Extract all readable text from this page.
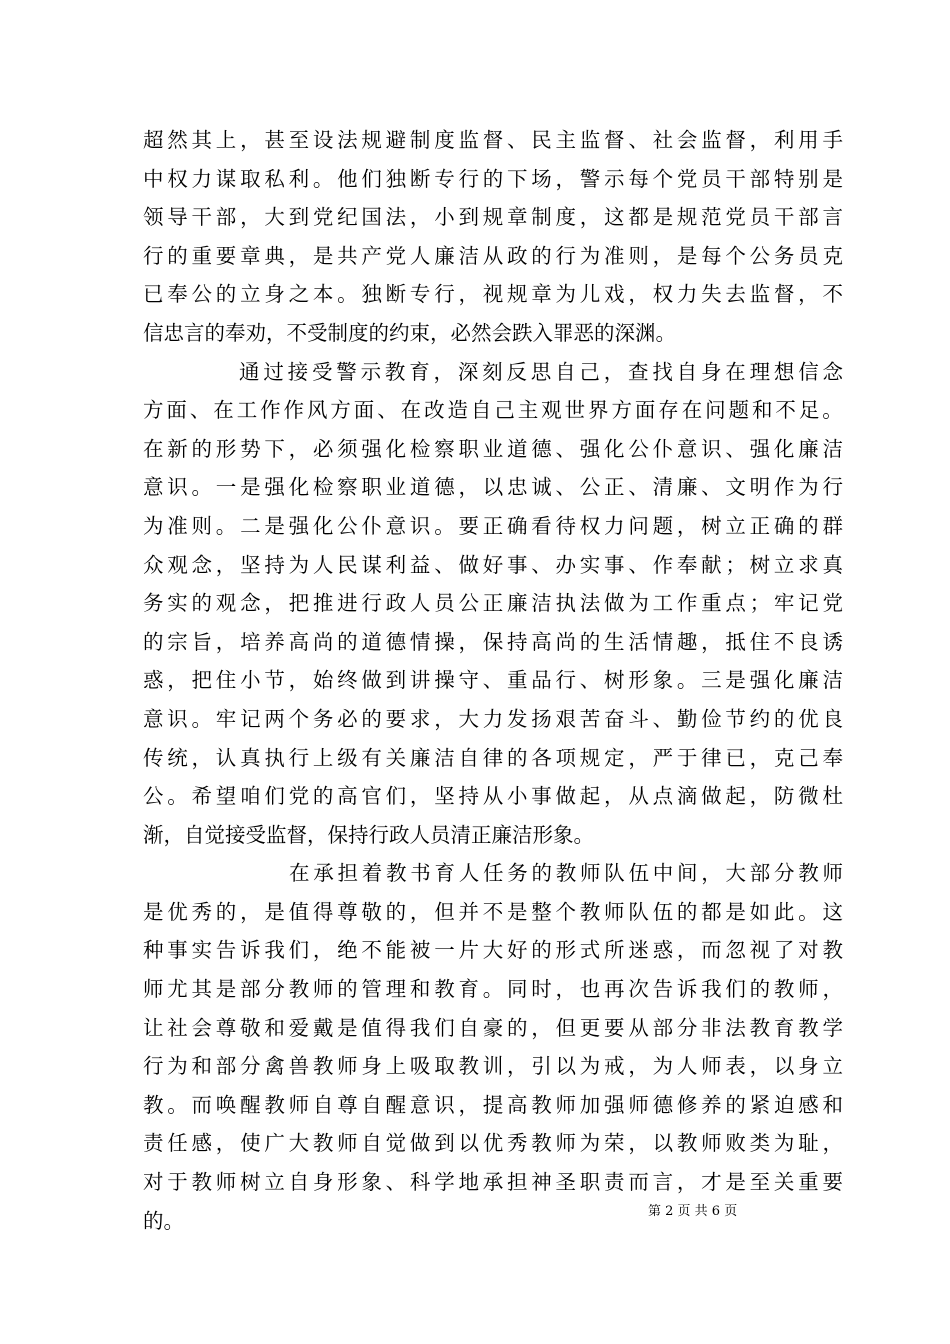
超 然 其 上 ， 甚 至 设 法 规 避 制 度 监 督 、 民 主 监 督 、 社 会 监 督 ， 利 用 手
中 权 力 谋 取 私 利 。 他 们 独 断 专 行 的 下 场 ， 警 示 每 个 党 员 干 部 特 别 是
领 导 干 部 ， 大 到 党 纪 国 法 ， 小 到 规 章 制 度 ， 这 都 是 规 范 党 员 干 部 言
行 的 重 要 章 典 ， 是 共 产 党 人 廉 洁 从 政 的 行 为 准 则 ， 是 每 个 公 务 员 克
已 奉 公 的 立 身 之 本 。 独 断 专 行 ， 视 规 章 为 儿 戏 ， 权 力 失 去 监 督 ， 不
信忠言的奉劝，不受制度的约束，必然会跌入罪恶的深渊。
通 过 接 受 警 示 教 育 ， 深 刻 反 思 自 己 ， 查 找 自 身 在 理 想 信 念
方 面 、 在 工 作 作 风 方 面 、 在 改 造 自 己 主 观 世 界 方 面 存 在 问 题 和 不 足 。
在 新 的 形 势 下 ， 必 须 强 化 检 察 职 业 道 德 、 强 化 公 仆 意 识 、 强 化 廉 洁
意 识 。 一 是 强 化 检 察 职 业 道 德 ， 以 忠 诚 、 公 正 、 清 廉 、 文 明 作 为 行
为 准 则 。 二 是 强 化 公 仆 意 识 。 要 正 确 看 待 权 力 问 题 ， 树 立 正 确 的 群
众 观 念 ， 坚 持 为 人 民 谋 利 益 、 做 好 事 、 办 实 事 、 作 奉 献 ； 树 立 求 真
务 实 的 观 念 ， 把 推 进 行 政 人 员 公 正 廉 洁 执 法 做 为 工 作 重 点 ； 牢 记 党
的 宗 旨 ， 培 养 高 尚 的 道 德 情 操 ， 保 持 高 尚 的 生 活 情 趣 ， 抵 住 不 良 诱
惑 ， 把 住 小 节 ， 始 终 做 到 讲 操 守 、 重 品 行 、 树 形 象 。 三 是 强 化 廉 洁
意 识 。 牢 记 两 个 务 必 的 要 求 ， 大 力 发 扬 艰 苦 奋 斗 、 勤 俭 节 约 的 优 良
传 统 ， 认 真 执 行 上 级 有 关 廉 洁 自 律 的 各 项 规 定 ， 严 于 律 已 ， 克 己 奉
公 。 希 望 咱 们 党 的 高 官 们 ， 坚 持 从 小 事 做 起 ， 从 点 滴 做 起 ， 防 微 杜
渐，自觉接受监督，保持行政人员清正廉洁形象。
在 承 担 着 教 书 育 人 任 务 的 教 师 队 伍 中 间 ， 大 部 分 教 师
是 优 秀 的 ， 是 值 得 尊 敬 的 ， 但 并 不 是 整 个 教 师 队 伍 的 都 是 如 此 。 这
种 事 实 告 诉 我 们 ， 绝 不 能 被 一 片 大 好 的 形 式 所 迷 惑 ， 而 忽 视 了 对 教
师 尤 其 是 部 分 教 师 的 管 理 和 教 育 。 同 时 ， 也 再 次 告 诉 我 们 的 教 师 ，
让 社 会 尊 敬 和 爱 戴 是 值 得 我 们 自 豪 的 ， 但 更 要 从 部 分 非 法 教 育 教 学
行 为 和 部 分 禽 兽 教 师 身 上 吸 取 教 训 ， 引 以 为 戒 ， 为 人 师 表 ， 以 身 立
教 。 而 唤 醒 教 师 自 尊 自 醒 意 识 ， 提 高 教 师 加 强 师 德 修 养 的 紧 迫 感 和
责 任 感 ， 使 广 大 教 师 自 觉 做 到 以 优 秀 教 师 为 荣 ， 以 教 师 败 类 为 耻 ，
对 于 教 师 树 立 自 身 形 象 、 科 学 地 承 担 神 圣 职 责 而 言 ， 才 是 至 关 重 要
的。	第 2 页 共 6 页
